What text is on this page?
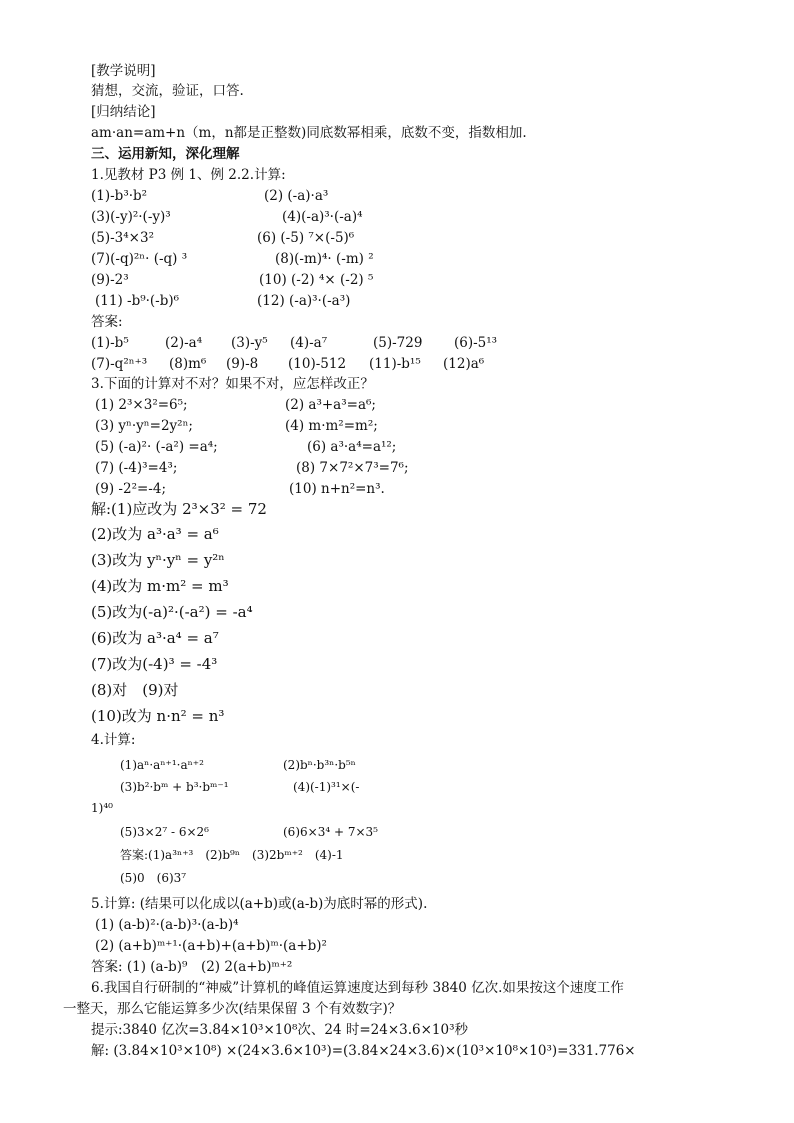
[教学说明]
猜想，交流，验证，口答.
[归纳结论]
am·an=am+n（m，n都是正整数)同底数幂相乘，底数不变，指数相加.
三、运用新知，深化理解
1.见教材 P3 例 1、例 2.2.计算:
(1)-b³·b²	(2) (-a)·a³
(3)(-y)²·(-y)³	(4)(-a)³·(-a)⁴
(5)-3⁴×3²	(6) (-5) ⁷×(-5)⁶
(7)(-q)²ⁿ· (-q) ³	(8)(-m)⁴· (-m) ²
(9)-2³	(10) (-2) ⁴× (-2) ⁵
(11) -b⁹·(-b)⁶	(12) (-a)³·(-a³)
答案:
(1)-b⁵	(2)-a⁴ (3)-y⁵ (4)-a⁷	(5)-729 (6)-5¹³
(7)-q²ⁿ⁺³ (8)m⁶ (9)-8 (10)-512 (11)-b¹⁵ (12)a⁶
3.下面的计算对不对？如果不对，应怎样改正？
(1) 2³×3²=6⁵;	(2) a³+a³=a⁶;
(3) yⁿ·yⁿ=2y²ⁿ;	(4) m·m²=m²;
(5) (-a)²· (-a²) =a⁴;	(6) a³·a⁴=a¹²;
(7) (-4)³=4³;	(8) 7×7²×7³=7⁶;
(9) -2²=-4;	(10) n+n²=n³.
解:(1)应改为 2³×3² = 72
(2)改为 a³·a³ = a⁶
(3)改为 yⁿ·yⁿ = y²ⁿ
(4)改为 m·m² = m³
(5)改为(-a)²·(-a²) = -a⁴
(6)改为 a³·a⁴ = a⁷
(7)改为(-4)³ = -4³
(8)对　(9)对
(10)改为 n·n² = n³
4.计算:
(1)aⁿ·aⁿ⁺¹·aⁿ⁺²	(2)bⁿ·b³ⁿ·b⁵ⁿ
(3)b²·bᵐ + b³·bᵐ⁻¹	(4)(-1)³¹×(-
1)⁴⁰
(5)3×2⁷ - 6×2⁶	(6)6×3⁴ + 7×3⁵
答案:(1)a³ⁿ⁺³　(2)b⁹ⁿ　(3)2bᵐ⁺²　(4)-1
(5)0　(6)3⁷
5.计算: (结果可以化成以(a+b)或(a-b)为底时幂的形式).
(1) (a-b)²·(a-b)³·(a-b)⁴
(2) (a+b)ᵐ⁺¹·(a+b)+(a+b)ᵐ·(a+b)²
答案: (1) (a-b)⁹　(2) 2(a+b)ᵐ⁺²
6.我国自行研制的“神威”计算机的峰值运算速度达到每秒 3840 亿次.如果按这个速度工作
一整天，那么它能运算多少次(结果保留 3 个有效数字)？
提示:3840 亿次=3.84×10³×10⁸次、24 时=24×3.6×10³秒
解: (3.84×10³×10⁸) ×(24×3.6×10³)=(3.84×24×3.6)×(10³×10⁸×10³)=331.776×
